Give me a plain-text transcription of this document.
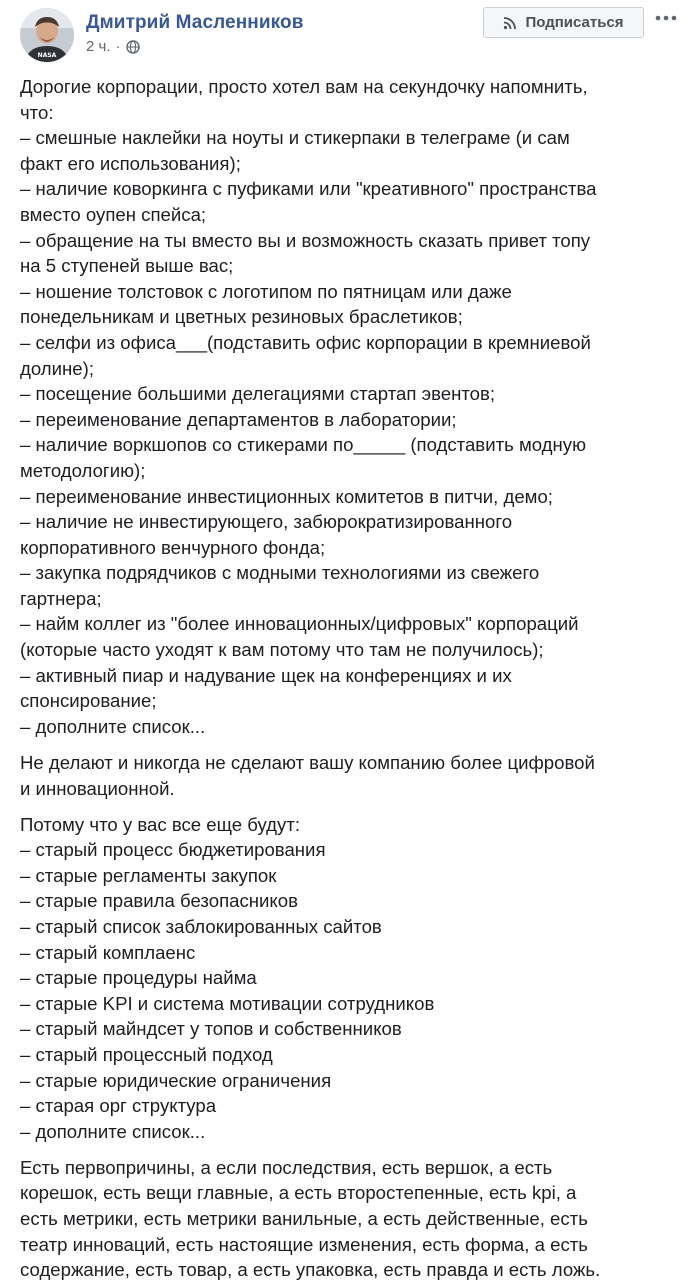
NASA
Дмитрий Масленников
2 ч. ·
Подписаться

Дорогие корпорации, просто хотел вам на секундочку напомнить,
что:
– смешные наклейки на ноуты и стикерпаки в телеграме (и сам
факт его использования);
– наличие коворкинга с пуфиками или "креативного" пространства
вместо оупен спейса;
– обращение на ты вместо вы и возможность сказать привет топу
на 5 ступеней выше вас;
– ношение толстовок с логотипом по пятницам или даже
понедельникам и цветных резиновых браслетиков;
– селфи из офиса___(подставить офис корпорации в кремниевой
долине);
– посещение большими делегациями стартап эвентов;
– переименование департаментов в лаборатории;
– наличие воркшопов со стикерами по_____ (подставить модную
методологию);
– переименование инвестиционных комитетов в питчи, демо;
– наличие не инвестирующего, забюрократизированного
корпоративного венчурного фонда;
– закупка подрядчиков с модными технологиями из свежего
гартнера;
– найм коллег из "более инновационных/цифровых" корпораций
(которые часто уходят к вам потому что там не получилось);
– активный пиар и надувание щек на конференциях и их
спонсирование;
– дополните список...

Не делают и никогда не сделают вашу компанию более цифровой
и инновационной.

Потому что у вас все еще будут:
– старый процесс бюджетирования
– старые регламенты закупок
– старые правила безопасников
– старый список заблокированных сайтов
– старый комплаенс
– старые процедуры найма
– старые KPI и система мотивации сотрудников
– старый майндсет у топов и собственников
– старый процессный подход
– старые юридические ограничения
– старая орг структура
– дополните список...

Есть первопричины, а если последствия, есть вершок, а есть
корешок, есть вещи главные, а есть второстепенные, есть kpi, а
есть метрики, есть метрики ванильные, а есть действенные, есть
театр инноваций, есть настоящие изменения, есть форма, а есть
содержание, есть товар, а есть упаковка, есть правда и есть ложь.
